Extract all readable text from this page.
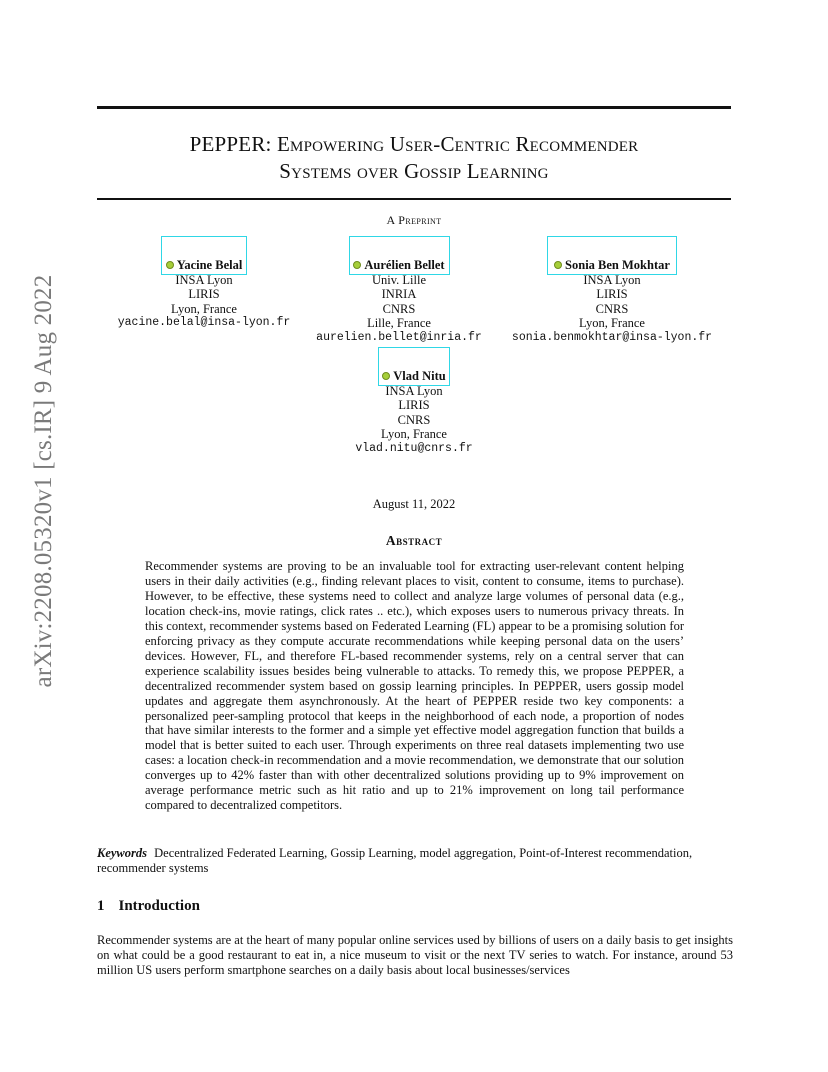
arXiv:2208.05320v1 [cs.IR] 9 Aug 2022
PEPPER: Empowering User-Centric Recommender
Systems over Gossip Learning
A Preprint
Yacine Belal
INSA Lyon
LIRIS
Lyon, France
yacine.belal@insa-lyon.fr
Aurélien Bellet
Univ. Lille
INRIA
CNRS
Lille, France
aurelien.bellet@inria.fr
Sonia Ben Mokhtar
INSA Lyon
LIRIS
CNRS
Lyon, France
sonia.benmokhtar@insa-lyon.fr
Vlad Nitu
INSA Lyon
LIRIS
CNRS
Lyon, France
vlad.nitu@cnrs.fr
August 11, 2022
Abstract
Recommender systems are proving to be an invaluable tool for extracting user-relevant content helping users in their daily activities (e.g., finding relevant places to visit, content to consume, items to purchase). However, to be effective, these systems need to collect and analyze large volumes of personal data (e.g., location check-ins, movie ratings, click rates .. etc.), which exposes users to numerous privacy threats. In this context, recommender systems based on Federated Learning (FL) appear to be a promising solution for enforcing privacy as they compute accurate recommendations while keeping personal data on the users’ devices. However, FL, and therefore FL-based recommender systems, rely on a central server that can experience scalability issues besides being vulnerable to attacks. To remedy this, we propose PEPPER, a decentralized recommender system based on gossip learning principles. In PEPPER, users gossip model updates and aggregate them asynchronously. At the heart of PEPPER reside two key components: a personalized peer-sampling protocol that keeps in the neighborhood of each node, a proportion of nodes that have similar interests to the former and a simple yet effective model aggregation function that builds a model that is better suited to each user. Through experiments on three real datasets implementing two use cases: a location check-in recommendation and a movie recommendation, we demonstrate that our solution converges up to 42% faster than with other decentralized solutions providing up to 9% improvement on average performance metric such as hit ratio and up to 21% improvement on long tail performance compared to decentralized competitors.
Keywords Decentralized Federated Learning, Gossip Learning, model aggregation, Point-of-Interest recommendation, recommender systems
1 Introduction
Recommender systems are at the heart of many popular online services used by billions of users on a daily basis to get insights on what could be a good restaurant to eat in, a nice museum to visit or the next TV series to watch. For instance, around 53 million US users perform smartphone searches on a daily basis about local businesses/services
